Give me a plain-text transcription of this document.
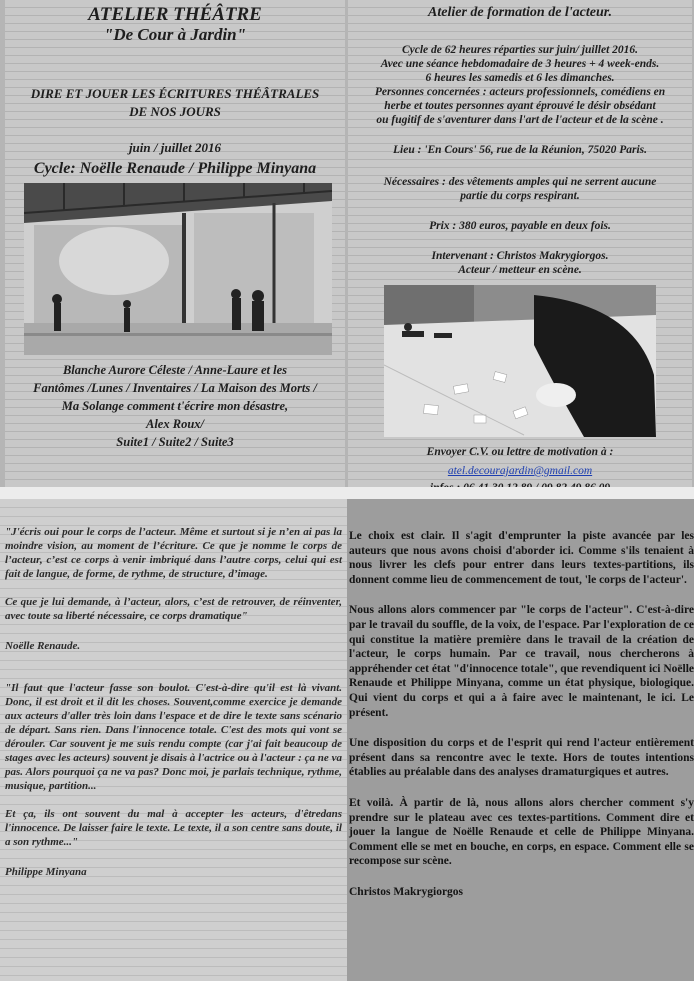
ATELIER THÉÂTRE

"De Cour à Jardin"

DIRE ET JOUER LES ÉCRITURES THÉÂTRALES

DE NOS JOURS

juin / juillet 2016

Cycle: Noëlle Renaude / Philippe Minyana

Blanche Aurore Céleste / Anne-Laure et les
Fantômes /Lunes / Inventaires / La Maison des Morts /
Ma Solange comment t'écrire mon désastre,
Alex Roux/
Suite1 / Suite2 / Suite3

Atelier de formation de l'acteur.

Cycle de 62 heures réparties sur juin/ juillet 2016.
Avec une séance hebdomadaire de 3 heures + 4 week-ends.
6 heures les samedis et 6 les dimanches.
Personnes concernées : acteurs professionnels, comédiens en
herbe et toutes personnes ayant éprouvé le désir obsédant
ou fugitif de s'aventurer dans l'art de l'acteur et de la scène .
Lieu : 'En Cours' 56, rue de la Réunion, 75020 Paris.
Nécessaires : des vêtements amples qui ne serrent aucune
partie du corps respirant.
Prix : 380 euros, payable en deux fois.
Intervenant : Christos Makrygiorgos.
Acteur / metteur en scène.
Envoyer C.V. ou lettre de motivation à :
atel.decourajardin@gmail.com

"J'écris oui pour le corps de l’acteur. Même et surtout si je n’en ai pas la moindre vision, au moment de l’écriture. Ce que je nomme le corps de l’acteur, c’est ce corps à venir imbriqué dans l’autre corps, celui qui est fait de langue, de forme, de rythme, de structure, d’image.

Ce que je lui demande, à l’acteur, alors, c’est de retrouver, de réinventer, avec toute sa liberté nécessaire, ce corps dramatique"

Noëlle Renaude.

"Il faut que l'acteur fasse son boulot. C'est-à-dire qu'il est là vivant. Donc, il est droit et il dit les choses. Souvent,comme exercice je demande aux acteurs d'aller très loin dans l'espace et de dire le texte sans scénario de départ. Sans rien. Dans l'innocence totale. C'est des mots qui vont se dérouler. Car souvent je me suis rendu compte (car j'ai fait beaucoup de stages avec les acteurs) souvent je disais à l'actrice ou à l'acteur : ça ne va pas. Alors pourquoi ça ne va pas? Donc moi, je parlais technique, rythme, musique, partition...

Et ça, ils ont souvent du mal à accepter les acteurs, d'êtredans l'innocence. De laisser faire le texte. Le texte, il a son centre sans doute, il a son rythme..."

Philippe Minyana

Le choix est clair. Il s'agit d'emprunter la piste avancée par les auteurs que nous avons choisi d'aborder ici. Comme s'ils tenaient à nous livrer les clefs pour entrer dans leurs textes-partitions, ils donnent comme lieu de commencement de tout, 'le corps de l'acteur'.

Nous allons alors commencer par "le corps de l'acteur". C'est-à-dire par le travail du souffle, de la voix, de l'espace. Par l'exploration de ce qui constitue la matière première dans le travail de la création de l'acteur, le corps humain. Par ce travail, nous chercherons à appréhender cet état "d'innocence totale", que revendiquent ici Noëlle Renaude et Philippe Minyana, comme un état physique, biologique. Qui vient du corps et qui a à faire avec le maintenant, le ici. Le présent.

Une disposition du corps et de l'esprit qui rend l'acteur entièrement présent dans sa rencontre avec le texte. Hors de toutes intentions établies au préalable dans des analyses dramaturgiques et autres.

Et voilà. À partir de là, nous allons alors chercher comment s'y prendre sur le plateau avec ces textes-partitions. Comment dire et jouer la langue de Noëlle Renaude et celle de Philippe Minyana. Comment elle se met en bouche, en corps, en espace. Comment elle se recompose sur scène.

Christos Makrygiorgos
